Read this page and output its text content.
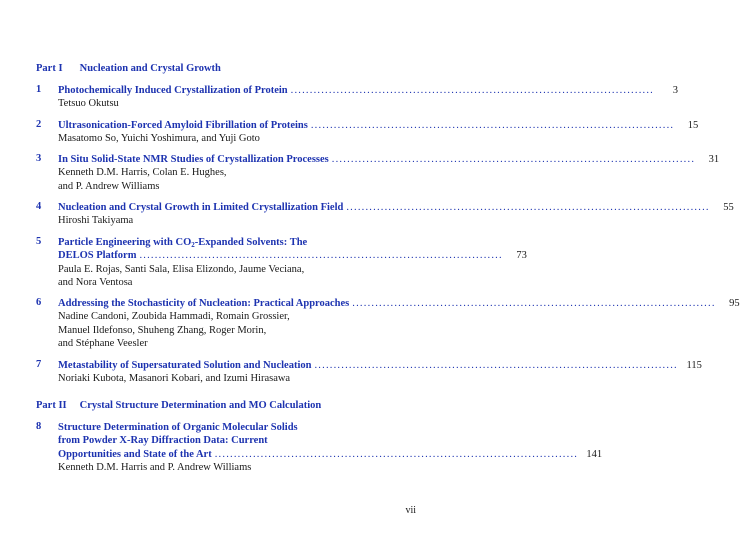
Part I Nucleation and Crystal Growth
1	Photochemically Induced Crystallization of Protein ...............................................................................................	3
Tetsuo Okutsu
2	Ultrasonication-Forced Amyloid Fibrillation of Proteins ...............................................................................................	15
Masatomo So, Yuichi Yoshimura, and Yuji Goto
3	In Situ Solid-State NMR Studies of Crystallization Processes ...............................................................................................	31
Kenneth D.M. Harris, Colan E. Hughes,
and P. Andrew Williams
4	Nucleation and Crystal Growth in Limited Crystallization Field ...............................................................................................	55
Hiroshi Takiyama
5	Particle Engineering with $CO_2$-Expanded Solvents: The
DELOS Platform ...............................................................................................	73
Paula E. Rojas, Santi Sala, Elisa Elizondo, Jaume Veciana,
and Nora Ventosa
6	Addressing the Stochasticity of Nucleation: Practical Approaches ...............................................................................................	95
Nadine Candoni, Zoubida Hammadi, Romain Grossier,
Manuel Ildefonso, Shuheng Zhang, Roger Morin,
and Stéphane Veesler
7	Metastability of Supersaturated Solution and Nucleation ............................................................................................... 115
Noriaki Kubota, Masanori Kobari, and Izumi Hirasawa
Part II Crystal Structure Determination and MO Calculation
8	Structure Determination of Organic Molecular Solids
from Powder X-Ray Diffraction Data: Current
Opportunities and State of the Art ............................................................................................... 141
Kenneth D.M. Harris and P. Andrew Williams
vii
